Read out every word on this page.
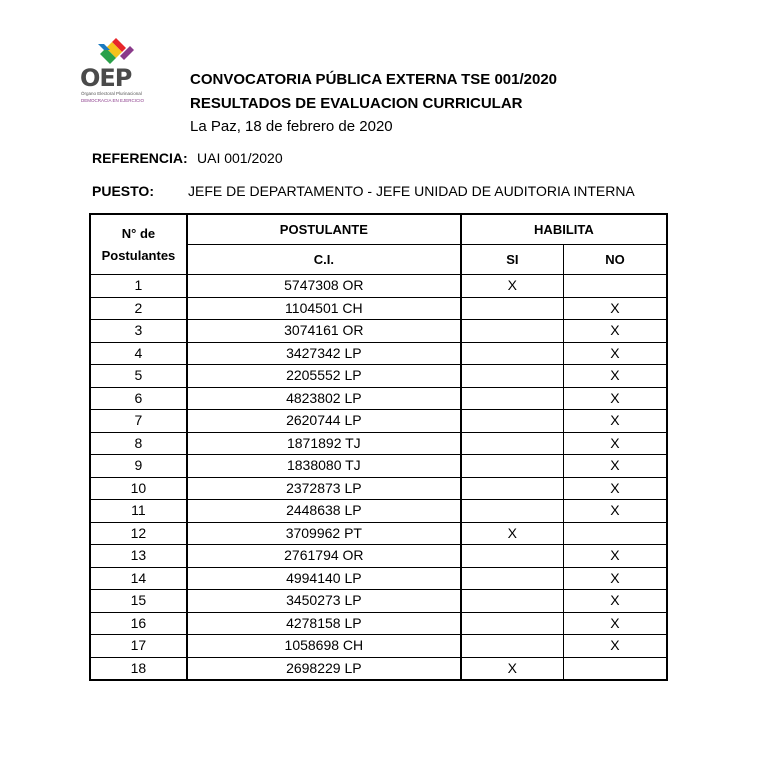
OEP
Órgano Electoral Plurinacional
DEMOCRACIA EN EJERCICIO
CONVOCATORIA PÚBLICA EXTERNA TSE 001/2020
RESULTADOS DE EVALUACION CURRICULAR
La Paz, 18 de febrero de 2020
REFERENCIA: UAI 001/2020
PUESTO: JEFE DE DEPARTAMENTO - JEFE UNIDAD DE AUDITORIA INTERNA
N° de
Postulantes	POSTULANTE	HABILITA	
	C.I.	SI	NO
1	5747308 OR	X	
2	1104501 CH		X
3	3074161 OR		X
4	3427342 LP		X
5	2205552 LP		X
6	4823802 LP		X
7	2620744 LP		X
8	1871892 TJ		X
9	1838080 TJ		X
10	2372873 LP		X
11	2448638 LP		X
12	3709962 PT	X	
13	2761794 OR		X
14	4994140 LP		X
15	3450273 LP		X
16	4278158 LP		X
17	1058698 CH		X
18	2698229 LP	X	
